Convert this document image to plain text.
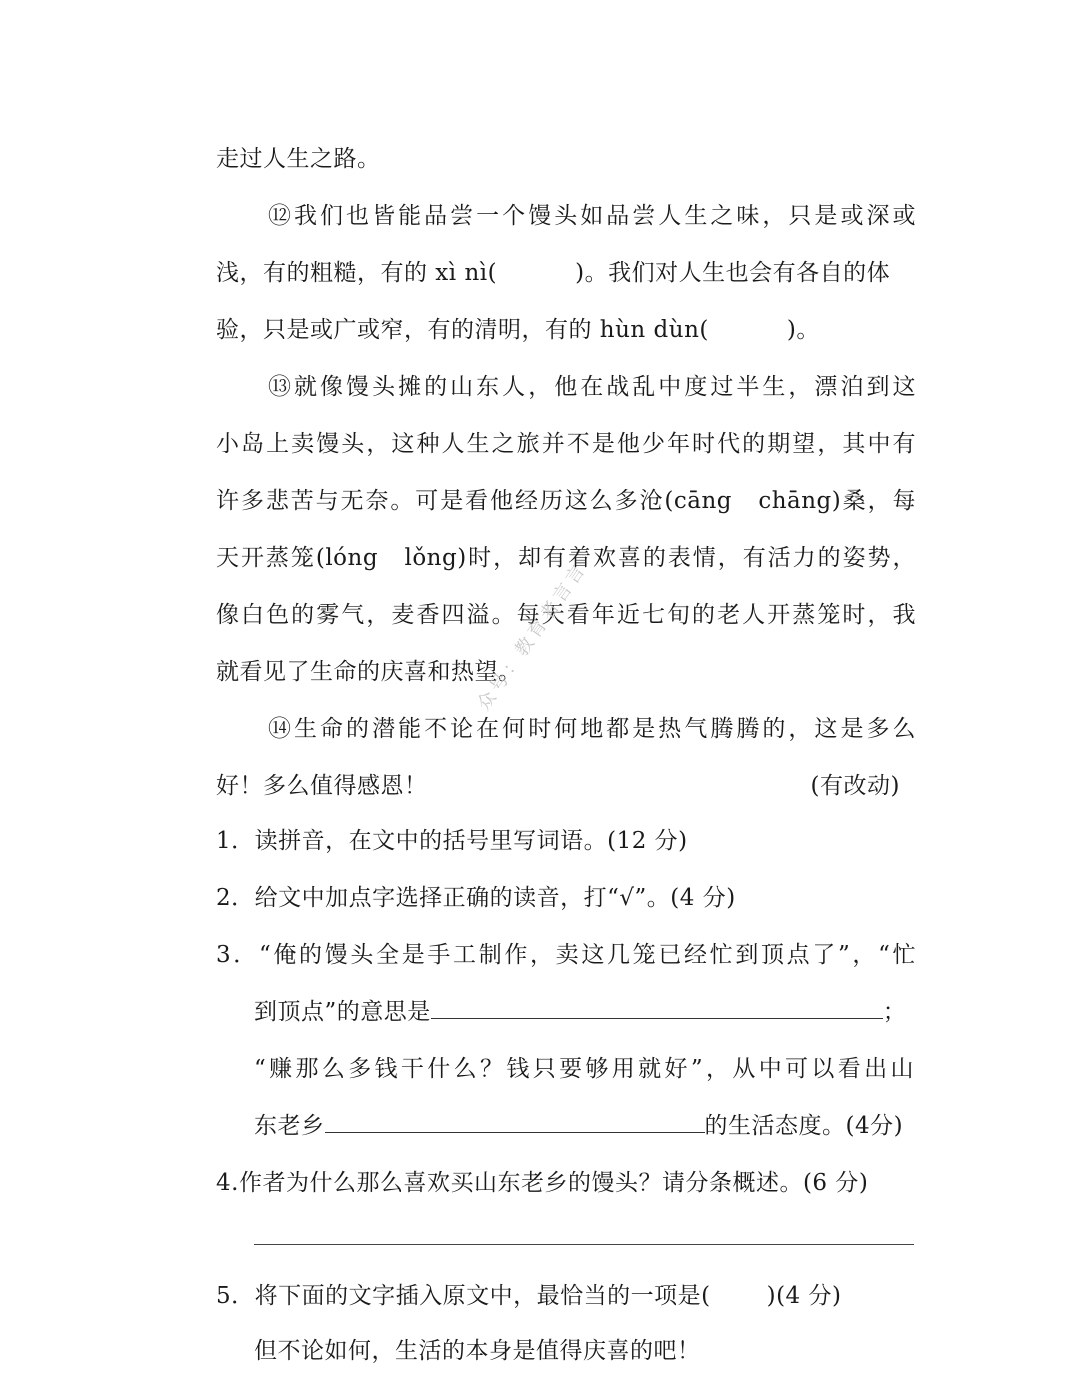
走过人生之路。
⑫我们也皆能品尝一个馒头如品尝人生之味，只是或深或
浅，有的粗糙，有的 xì nì(	)。我们对人生也会有各自的体
验，只是或广或窄，有的清明，有的 hùn dùn(	)。
⑬就像馒头摊的山东人，他在战乱中度过半生，漂泊到这
小岛上卖馒头，这种人生之旅并不是他少年时代的期望，其中有
许多悲苦与无奈。可是看他经历这么多沧(cāng　chāng)桑，每
天开蒸笼(lóng　lǒng)时，却有着欢喜的表情，有活力的姿势，
像白色的雾气，麦香四溢。每天看年近七旬的老人开蒸笼时，我
就看见了生命的庆喜和热望。
⑭生命的潜能不论在何时何地都是热气腾腾的，这是多么
好！多么值得感恩！	(有改动)
1．读拼音，在文中的括号里写词语。(12 分)
2．给文中加点字选择正确的读音，打“√”。(4 分)
3．“俺的馒头全是手工制作，卖这几笼已经忙到顶点了”，“忙
到顶点”的意思是	；
“赚那么多钱干什么？钱只要够用就好”，从中可以看出山
东老乡	的生活态度。(4分)
4.作者为什么那么喜欢买山东老乡的馒头？请分条概述。(6 分)
5．将下面的文字插入原文中，最恰当的一项是( )(4 分)
但不论如何，生活的本身是值得庆喜的吧！
众号：教育者言言
